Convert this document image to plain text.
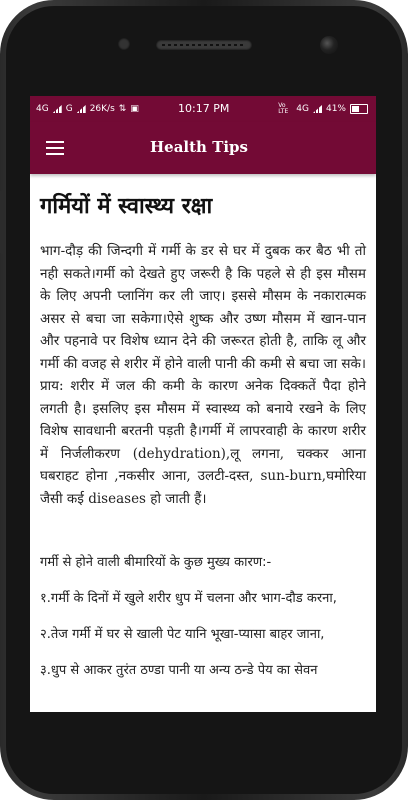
4G G 26K/s ⇅ ▣	10:17 PM	Vo LTE 4G 41%
Health Tips
गर्मियों में स्वास्थ्य रक्षा

भाग-दौड़ की जिन्दगी में गर्मी के डर से घर में दुबक कर बैठ भी तो नही सकते।गर्मी को देखते हुए जरूरी है कि पहले से ही इस मौसम के लिए अपनी प्लानिंग कर ली जाए। इससे मौसम के नकारात्मक असर से बचा जा सकेगा।ऐसे शुष्क और उष्ण मौसम में खान-पान और पहनावे पर विशेष ध्यान देने की जरूरत होती है, ताकि लू और गर्मी की वजह से शरीर में होने वाली पानी की कमी से बचा जा सके।प्राय: शरीर में जल की कमी के कारण अनेक दिक्कतें पैदा होने लगती है। इसलिए इस मौसम में स्वास्थ्य को बनाये रखने के लिए विशेष सावधानी बरतनी पड़ती है।गर्मी में लापरवाही के कारण शरीर में निर्जलीकरण (dehydration),लू लगना, चक्कर आना घबराहट होना ,नकसीर आना, उलटी-दस्त, sun-burn,घमोरिया जैसी कई diseases हो जाती हैं।

गर्मी से होने वाली बीमारियों के कुछ मुख्य कारण:-

१.गर्मी के दिनों में खुले शरीर धुप में चलना और भाग-दौड करना,

२.तेज गर्मी में घर से खाली पेट यानि भूखा-प्यासा बाहर जाना,

३.धुप से आकर तुरंत ठण्डा पानी या अन्य ठन्डे पेय का सेवन
